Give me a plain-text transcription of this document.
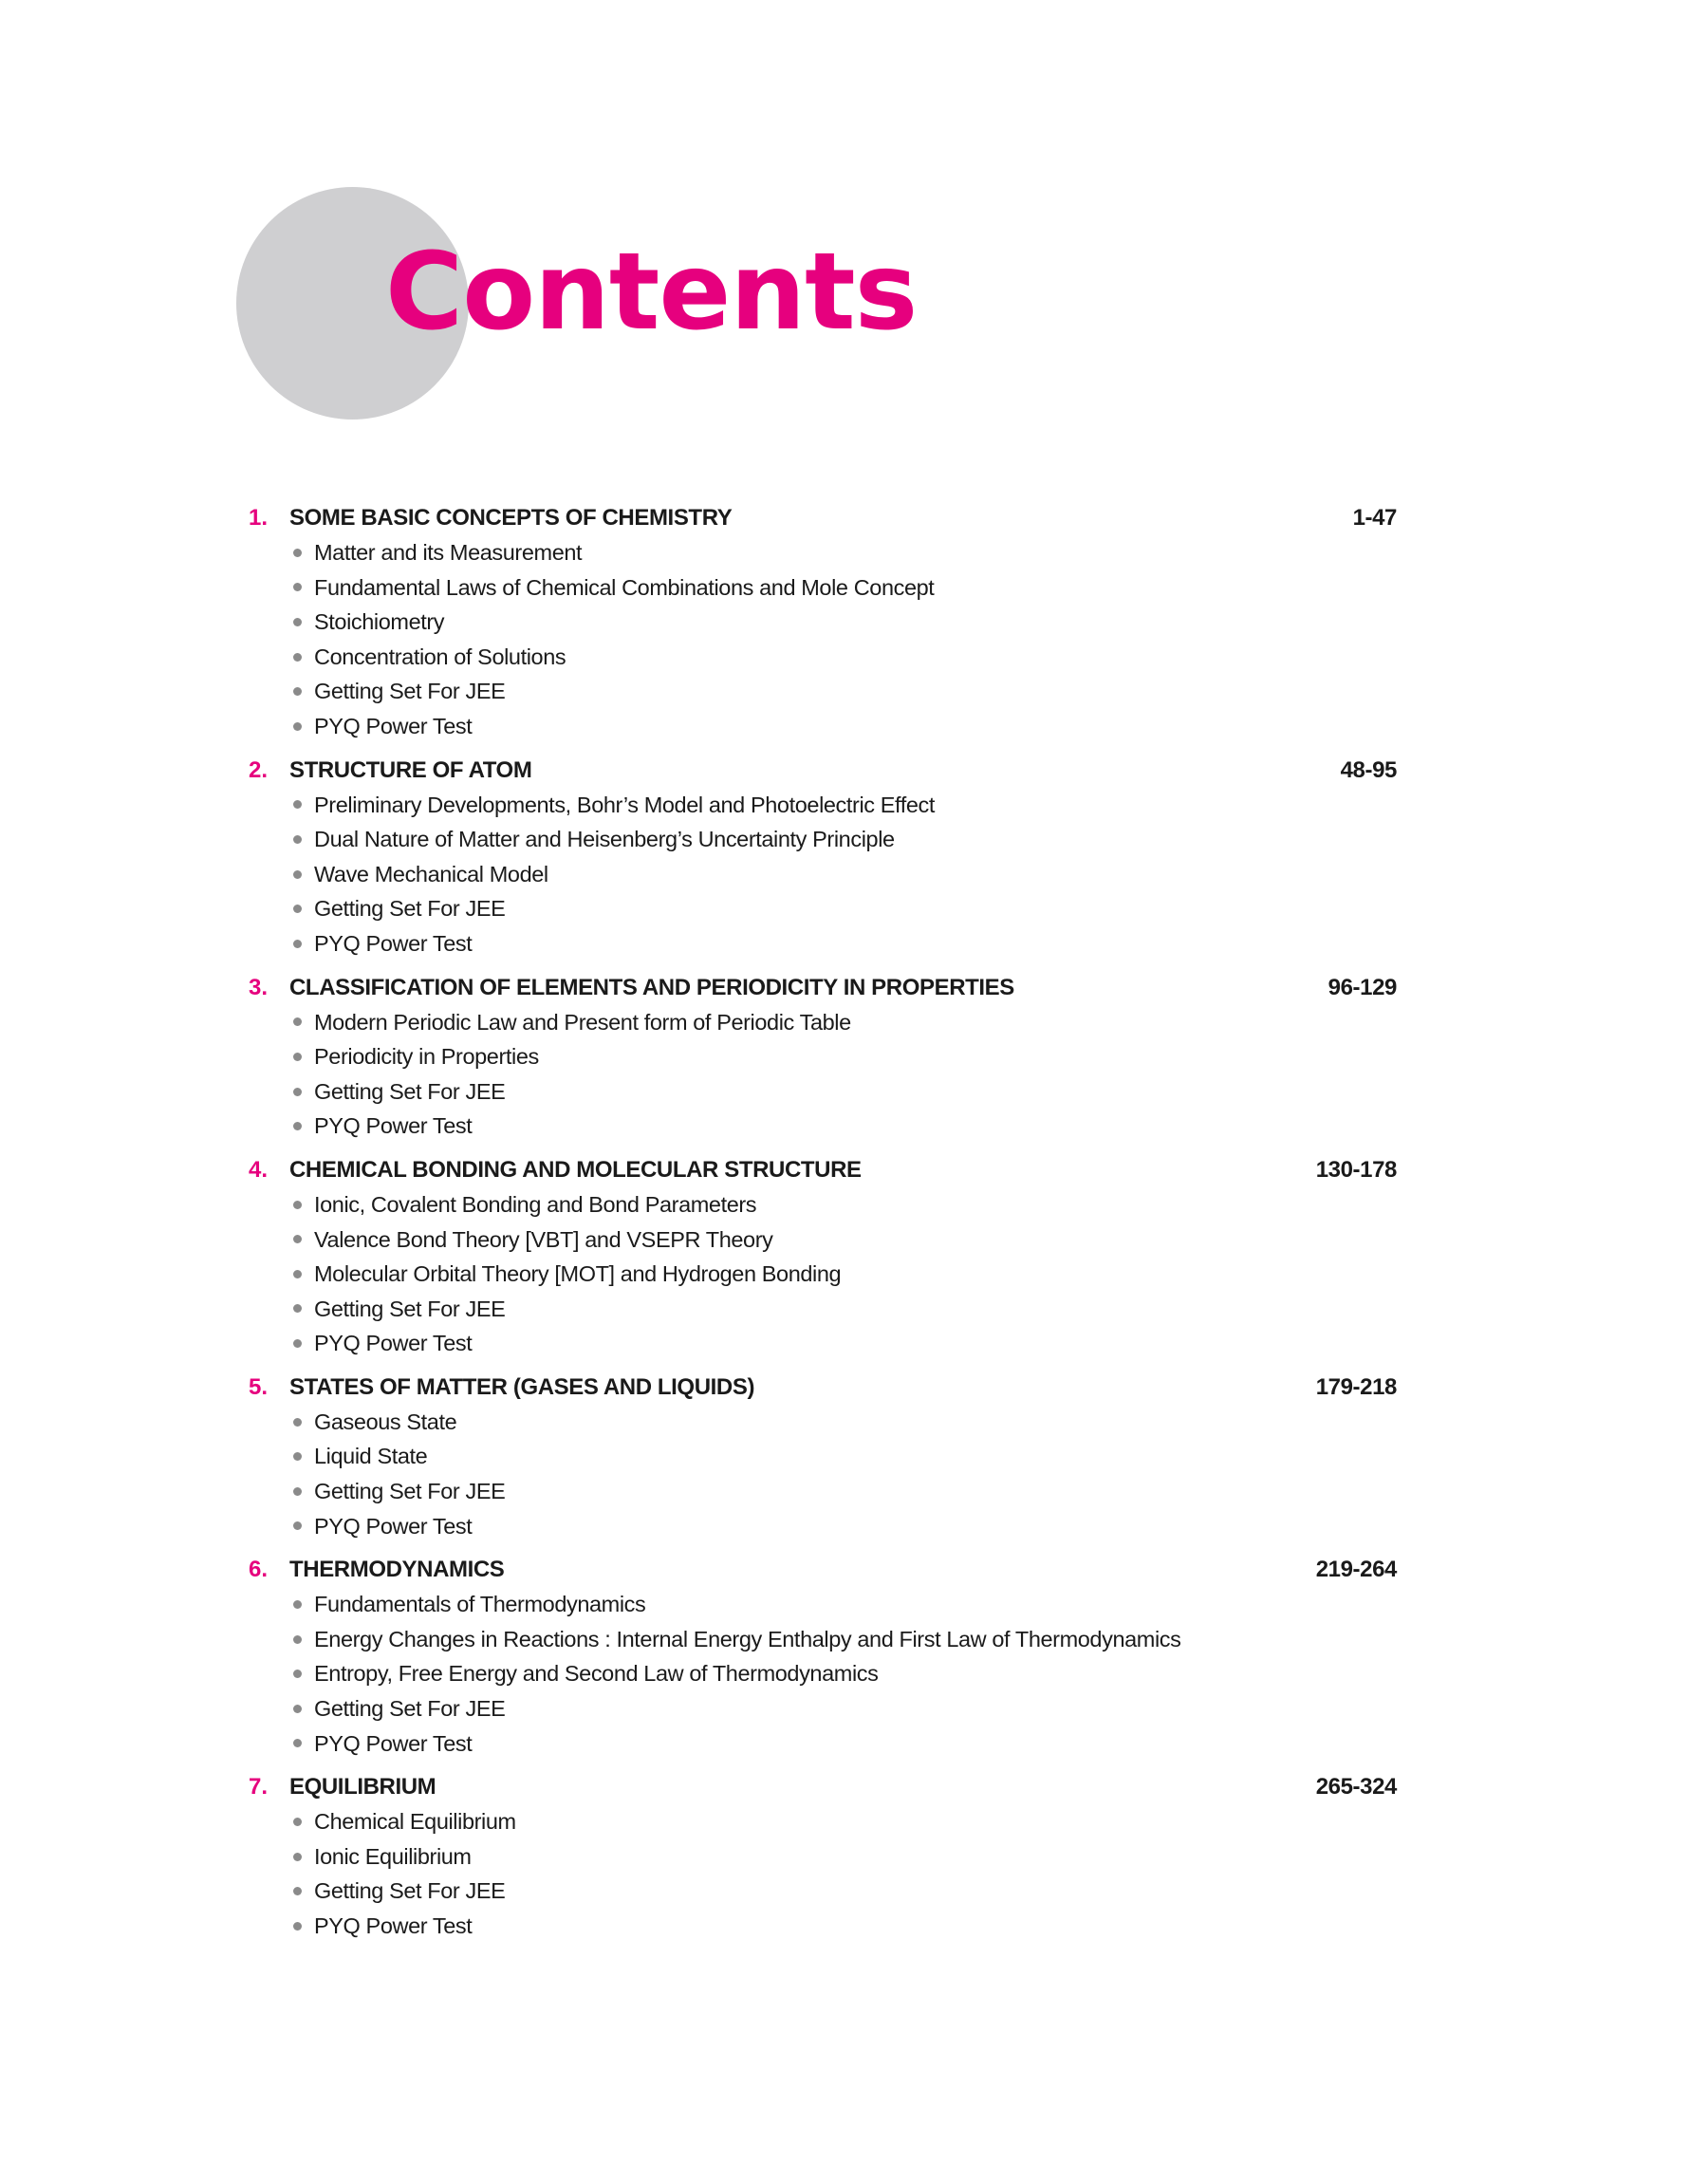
Contents
1. SOME BASIC CONCEPTS OF CHEMISTRY	1-47
Matter and its Measurement
Fundamental Laws of Chemical Combinations and Mole Concept
Stoichiometry
Concentration of Solutions
Getting Set For JEE
PYQ Power Test
2. STRUCTURE OF ATOM	48-95
Preliminary Developments, Bohr’s Model and Photoelectric Effect
Dual Nature of Matter and Heisenberg’s Uncertainty Principle
Wave Mechanical Model
Getting Set For JEE
PYQ Power Test
3. CLASSIFICATION OF ELEMENTS AND PERIODICITY IN PROPERTIES	96-129
Modern Periodic Law and Present form of Periodic Table
Periodicity in Properties
Getting Set For JEE
PYQ Power Test
4. CHEMICAL BONDING AND MOLECULAR STRUCTURE	130-178
Ionic, Covalent Bonding and Bond Parameters
Valence Bond Theory [VBT] and VSEPR Theory
Molecular Orbital Theory [MOT] and Hydrogen Bonding
Getting Set For JEE
PYQ Power Test
5. STATES OF MATTER (GASES AND LIQUIDS)	179-218
Gaseous State
Liquid State
Getting Set For JEE
PYQ Power Test
6. THERMODYNAMICS	219-264
Fundamentals of Thermodynamics
Energy Changes in Reactions : Internal Energy Enthalpy and First Law of Thermodynamics
Entropy, Free Energy and Second Law of Thermodynamics
Getting Set For JEE
PYQ Power Test
7. EQUILIBRIUM	265-324
Chemical Equilibrium
Ionic Equilibrium
Getting Set For JEE
PYQ Power Test
